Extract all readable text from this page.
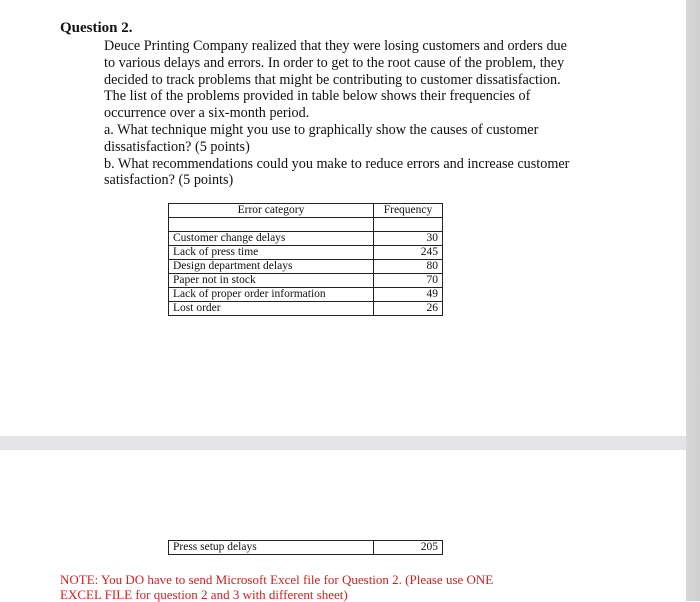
Question 2.
Deuce Printing Company realized that they were losing customers and orders due
to various delays and errors. In order to get to the root cause of the problem, they
decided to track problems that might be contributing to customer dissatisfaction.
The list of the problems provided in table below shows their frequencies of
occurrence over a six-month period.
a. What technique might you use to graphically show the causes of customer
dissatisfaction? (5 points)
b. What recommendations could you make to reduce errors and increase customer
satisfaction? (5 points)
Error category	Frequency

Customer change delays	30
Lack of press time	245
Design department delays	80
Paper not in stock	70
Lack of proper order information	49
Lost order	26
Press setup delays	205
NOTE: You DO have to send Microsoft Excel file for Question 2. (Please use ONE
EXCEL FILE for question 2 and 3 with different sheet)
